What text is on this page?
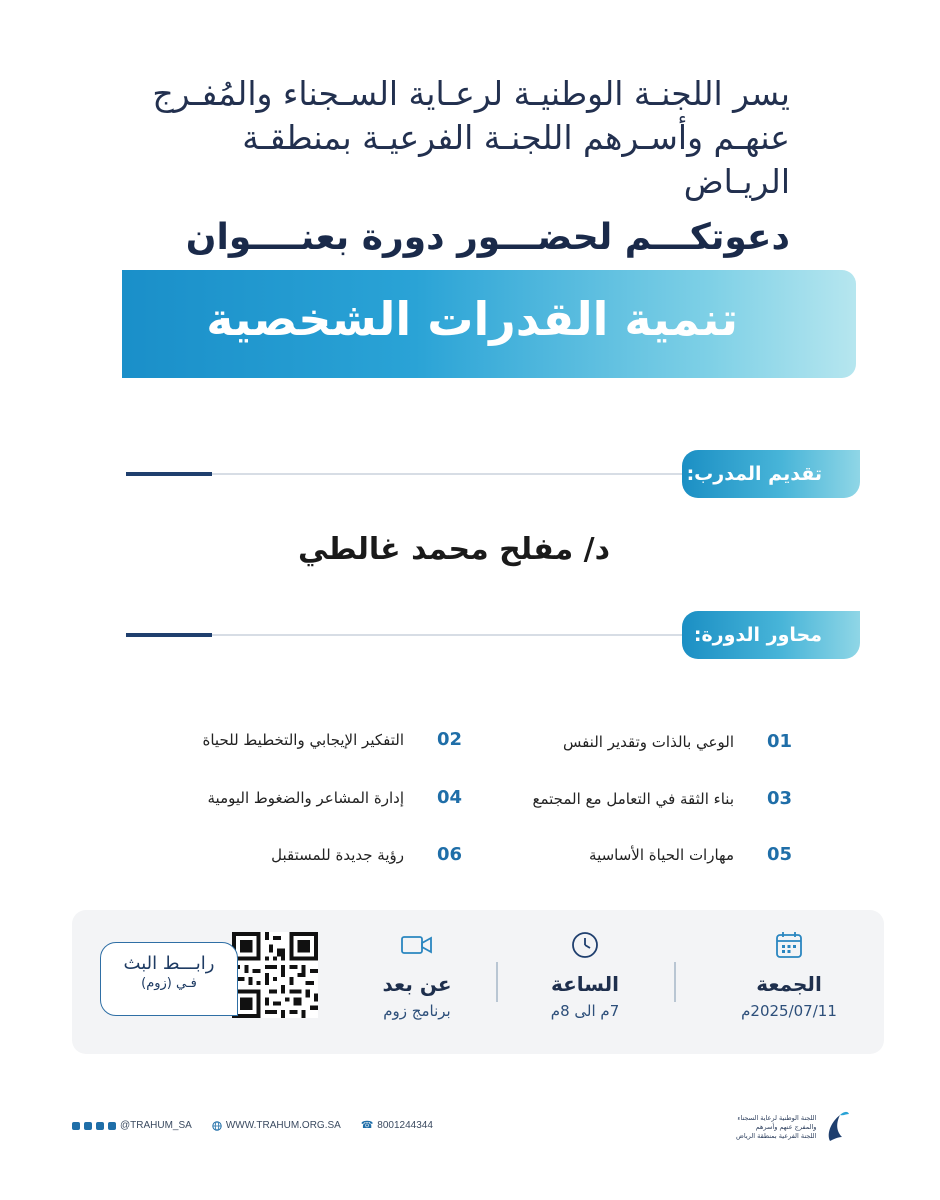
يسر اللجنـة الوطنيـة لرعـاية السـجناء والمُفـرج
عنهـم وأسـرهم اللجنـة الفرعيـة بمنطقـة الريـاض
دعوتكـــم لحضـــور دورة بعنــــوان
تنمية القدرات الشخصية
تقديم المدرب:
د/ مفلح محمد غالطي
محاور الدورة:
01
الوعي بالذات وتقدير النفس
02
التفكير الإيجابي والتخطيط للحياة
03
بناء الثقة في التعامل مع المجتمع
04
إدارة المشاعر والضغوط اليومية
05
مهارات الحياة الأساسية
06
رؤية جديدة للمستقبل
الجمعة
2025/07/11م
الساعة
7م الى 8م
عن بعد
برنامج زوم
رابـــط البث
فـي (زوم)
@TRAHUM_SA	WWW.TRAHUM.ORG.SA ☎ 8001244344
اللجنة الوطنية لرعاية السجناء
والمفرج عنهم وأسرهم
اللجنة الفرعية بمنطقة الرياض
